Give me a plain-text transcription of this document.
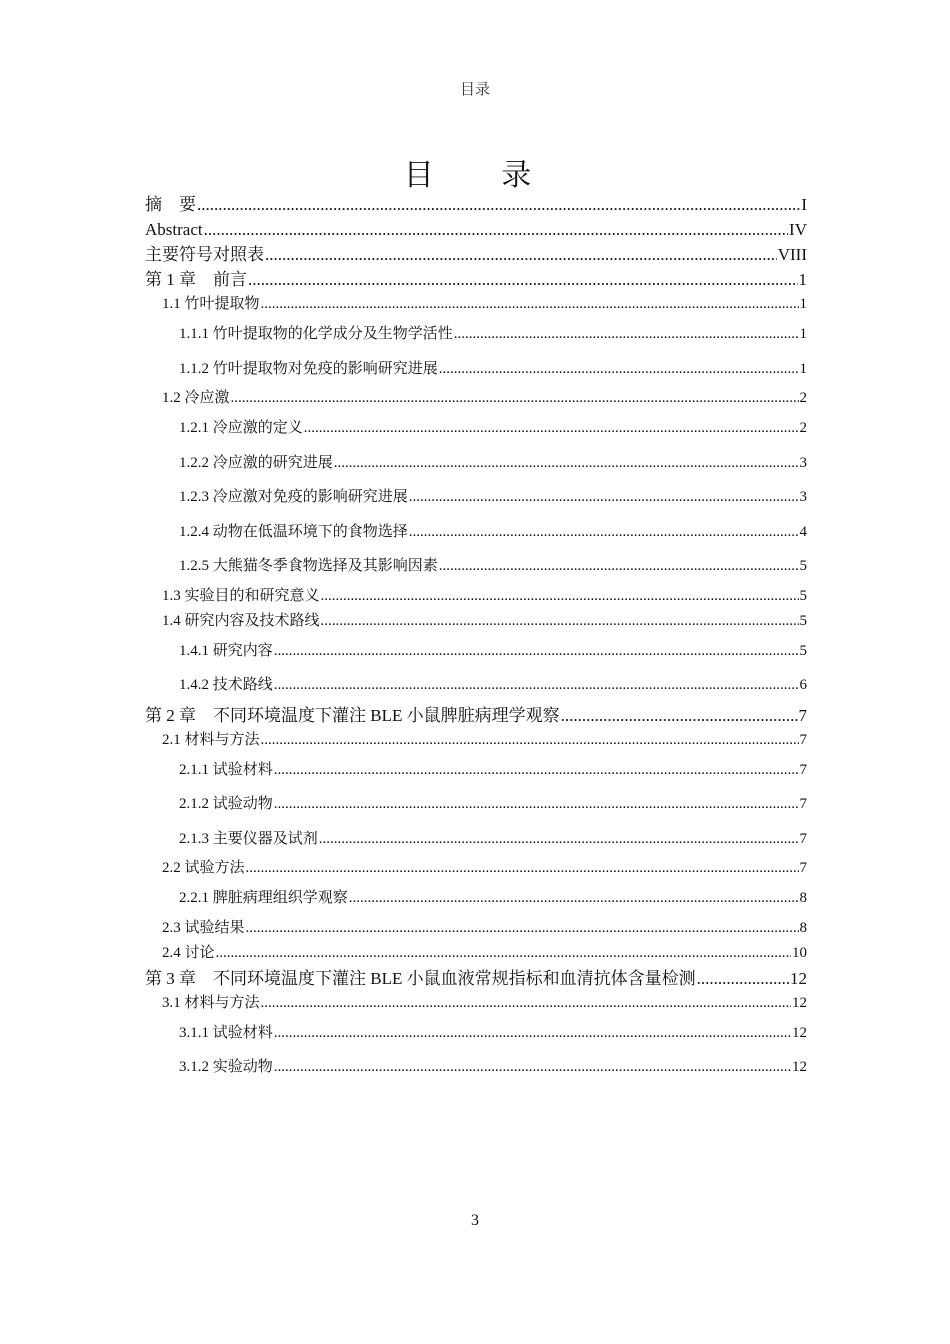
目录
目 录
摘　要 .....	I
Abstract .....	IV
主要符号对照表 .....	VIII
第 1 章　前言 .....	1
1.1 竹叶提取物 .....	1
1.1.1 竹叶提取物的化学成分及生物学活性 .....	1
1.1.2 竹叶提取物对免疫的影响研究进展 .....	1
1.2 冷应激 .....	2
1.2.1 冷应激的定义 .....	2
1.2.2 冷应激的研究进展 .....	3
1.2.3 冷应激对免疫的影响研究进展 .....	3
1.2.4 动物在低温环境下的食物选择 .....	4
1.2.5 大熊猫冬季食物选择及其影响因素 .....	5
1.3 实验目的和研究意义 .....	5
1.4 研究内容及技术路线 .....	5
1.4.1 研究内容 .....	5
1.4.2 技术路线 .....	6
第 2 章　不同环境温度下灌注 BLE 小鼠脾脏病理学观察 .....	7
2.1 材料与方法 .....	7
2.1.1 试验材料 .....	7
2.1.2 试验动物 .....	7
2.1.3 主要仪器及试剂 .....	7
2.2 试验方法 .....	7
2.2.1 脾脏病理组织学观察 .....	8
2.3 试验结果 .....	8
2.4 讨论 .....	10
第 3 章　不同环境温度下灌注 BLE 小鼠血液常规指标和血清抗体含量检测 .....	12
3.1 材料与方法 .....	12
3.1.1 试验材料 .....	12
3.1.2 实验动物 .....	12
3
